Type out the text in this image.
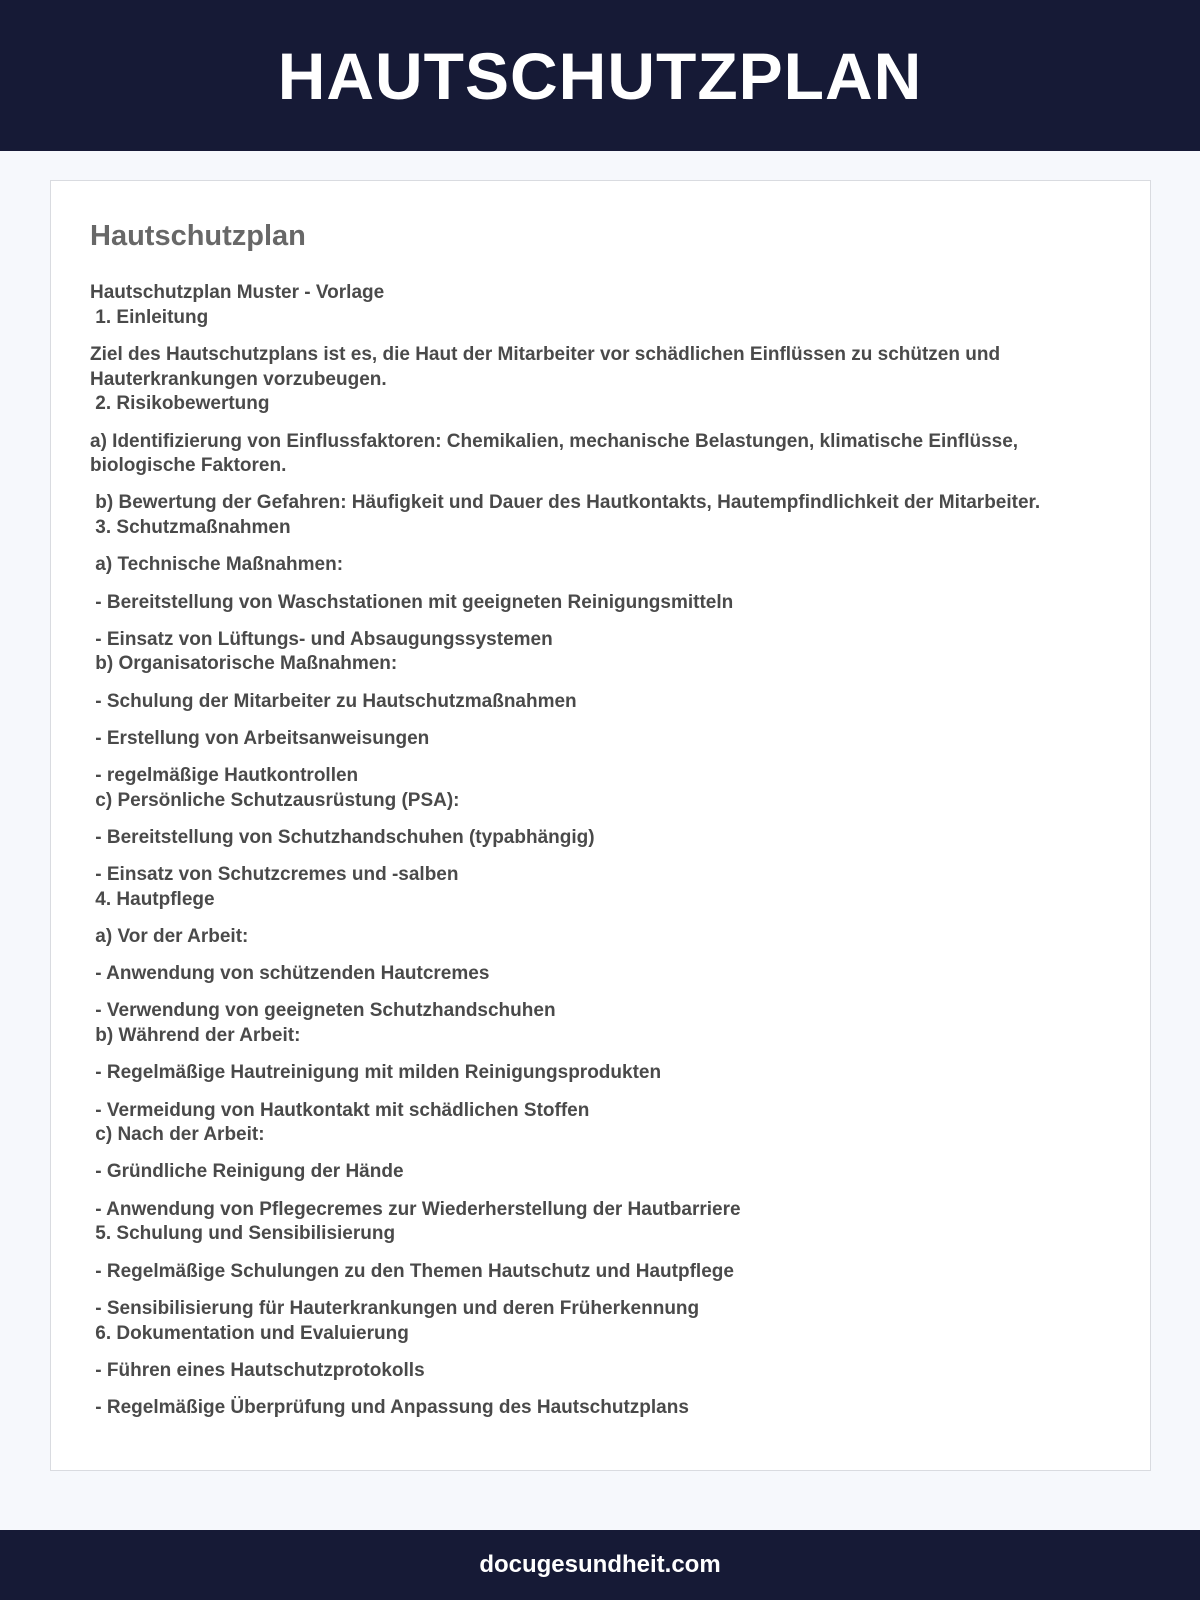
HAUTSCHUTZPLAN
Hautschutzplan

Hautschutzplan Muster - Vorlage

1. Einleitung

Ziel des Hautschutzplans ist es, die Haut der Mitarbeiter vor schädlichen Einflüssen zu schützen und Hauterkrankungen vorzubeugen.

2. Risikobewertung

a) Identifizierung von Einflussfaktoren: Chemikalien, mechanische Belastungen, klimatische Einflüsse, biologische Faktoren.

b) Bewertung der Gefahren: Häufigkeit und Dauer des Hautkontakts, Hautempfindlichkeit der Mitarbeiter.

3. Schutzmaßnahmen

a) Technische Maßnahmen:

- Bereitstellung von Waschstationen mit geeigneten Reinigungsmitteln

- Einsatz von Lüftungs- und Absaugungssystemen

b) Organisatorische Maßnahmen:

- Schulung der Mitarbeiter zu Hautschutzmaßnahmen

- Erstellung von Arbeitsanweisungen

- regelmäßige Hautkontrollen

c) Persönliche Schutzausrüstung (PSA):

- Bereitstellung von Schutzhandschuhen (typabhängig)

- Einsatz von Schutzcremes und -salben

4. Hautpflege

a) Vor der Arbeit:

- Anwendung von schützenden Hautcremes

- Verwendung von geeigneten Schutzhandschuhen

b) Während der Arbeit:

- Regelmäßige Hautreinigung mit milden Reinigungsprodukten

- Vermeidung von Hautkontakt mit schädlichen Stoffen

c) Nach der Arbeit:

- Gründliche Reinigung der Hände

- Anwendung von Pflegecremes zur Wiederherstellung der Hautbarriere

5. Schulung und Sensibilisierung

- Regelmäßige Schulungen zu den Themen Hautschutz und Hautpflege

- Sensibilisierung für Hauterkrankungen und deren Früherkennung

6. Dokumentation und Evaluierung

- Führen eines Hautschutzprotokolls

- Regelmäßige Überprüfung und Anpassung des Hautschutzplans

docugesundheit.com
